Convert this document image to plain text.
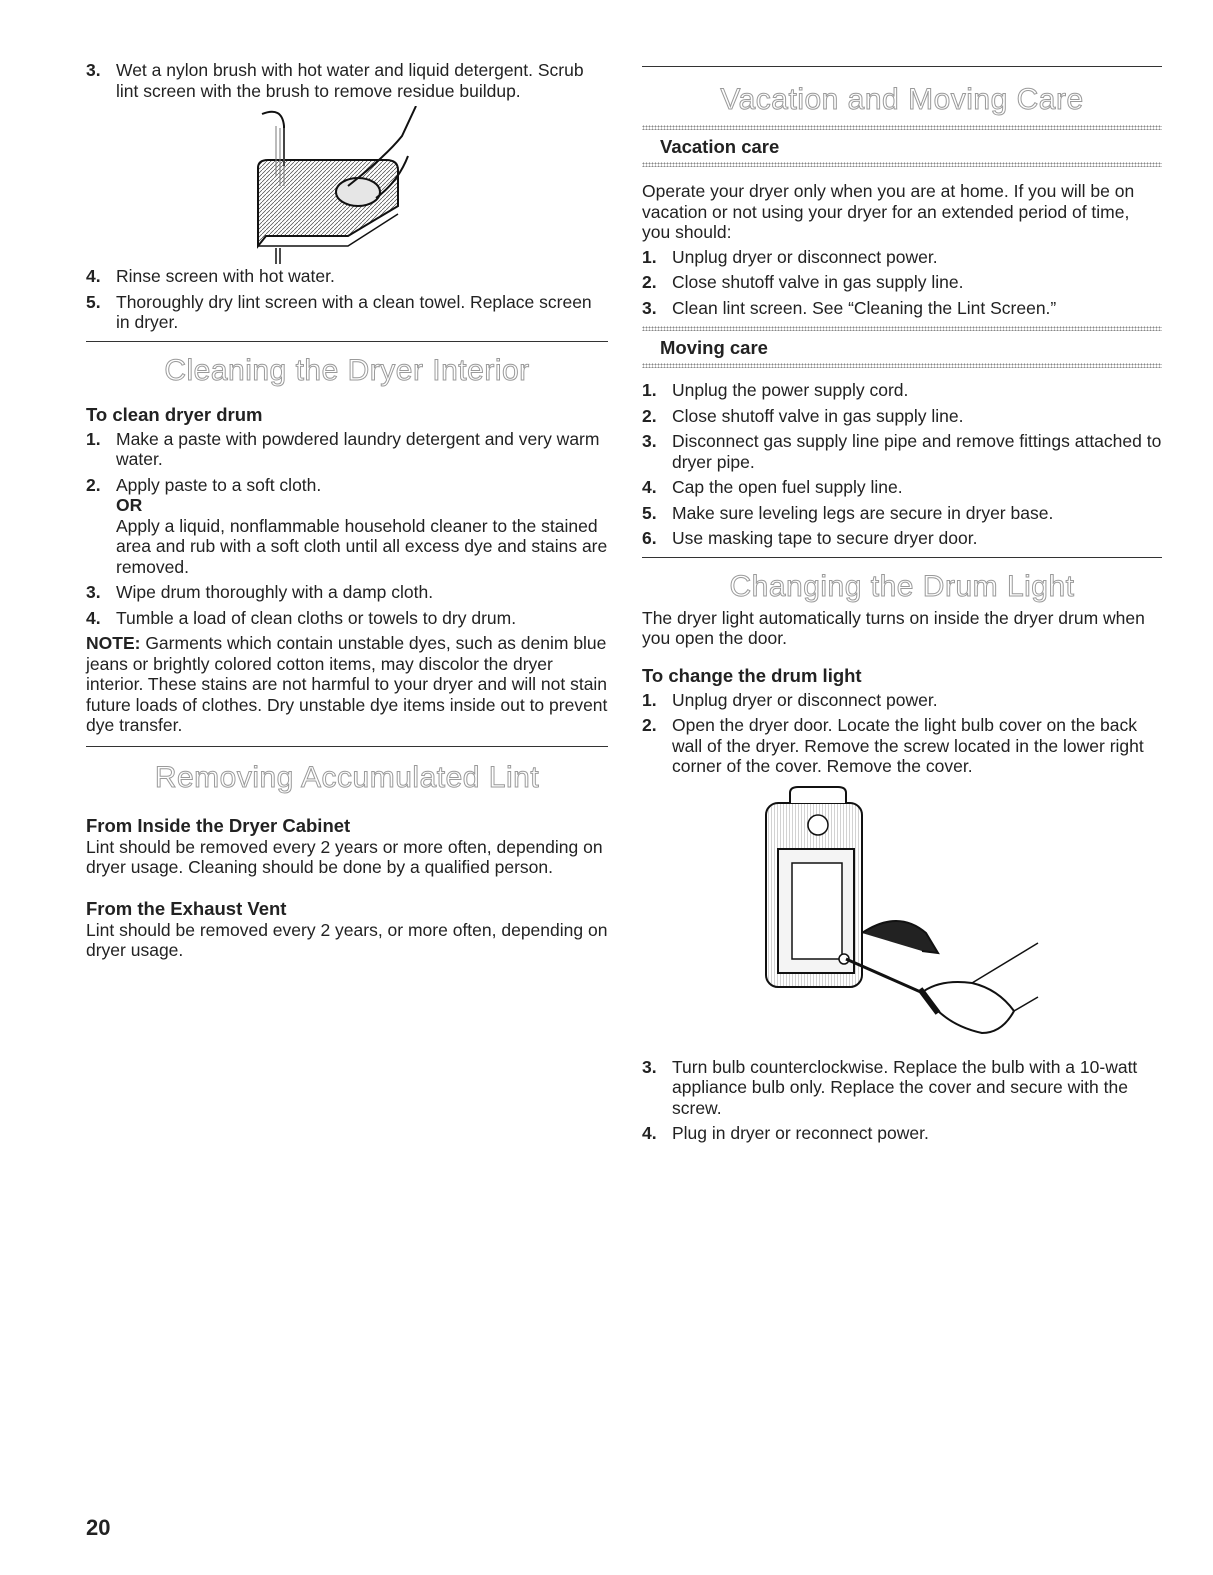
3. Wet a nylon brush with hot water and liquid detergent. Scrub lint screen with the brush to remove residue buildup.
4. Rinse screen with hot water.
5. Thoroughly dry lint screen with a clean towel. Replace screen in dryer.
Cleaning the Dryer Interior
To clean dryer drum
1. Make a paste with powdered laundry detergent and very warm water.
2. Apply paste to a soft cloth.
OR
Apply a liquid, nonflammable household cleaner to the stained area and rub with a soft cloth until all excess dye and stains are removed.
3. Wipe drum thoroughly with a damp cloth.
4. Tumble a load of clean cloths or towels to dry drum.

NOTE: Garments which contain unstable dyes, such as denim blue jeans or brightly colored cotton items, may discolor the dryer interior. These stains are not harmful to your dryer and will not stain future loads of clothes. Dry unstable dye items inside out to prevent dye transfer.

Removing Accumulated Lint
From Inside the Dryer Cabinet

Lint should be removed every 2 years or more often, depending on dryer usage. Cleaning should be done by a qualified person.

From the Exhaust Vent

Lint should be removed every 2 years, or more often, depending on dryer usage.

Vacation and Moving Care
Vacation care

Operate your dryer only when you are at home. If you will be on vacation or not using your dryer for an extended period of time, you should:

1. Unplug dryer or disconnect power.
2. Close shutoff valve in gas supply line.
3. Clean lint screen. See “Cleaning the Lint Screen.”
Moving care
1. Unplug the power supply cord.
2. Close shutoff valve in gas supply line.
3. Disconnect gas supply line pipe and remove fittings attached to dryer pipe.
4. Cap the open fuel supply line.
5. Make sure leveling legs are secure in dryer base.
6. Use masking tape to secure dryer door.
Changing the Drum Light

The dryer light automatically turns on inside the dryer drum when you open the door.

To change the drum light
1. Unplug dryer or disconnect power.
2. Open the dryer door. Locate the light bulb cover on the back wall of the dryer. Remove the screw located in the lower right corner of the cover. Remove the cover.
3. Turn bulb counterclockwise. Replace the bulb with a 10-watt appliance bulb only. Replace the cover and secure with the screw.
4. Plug in dryer or reconnect power.
20
